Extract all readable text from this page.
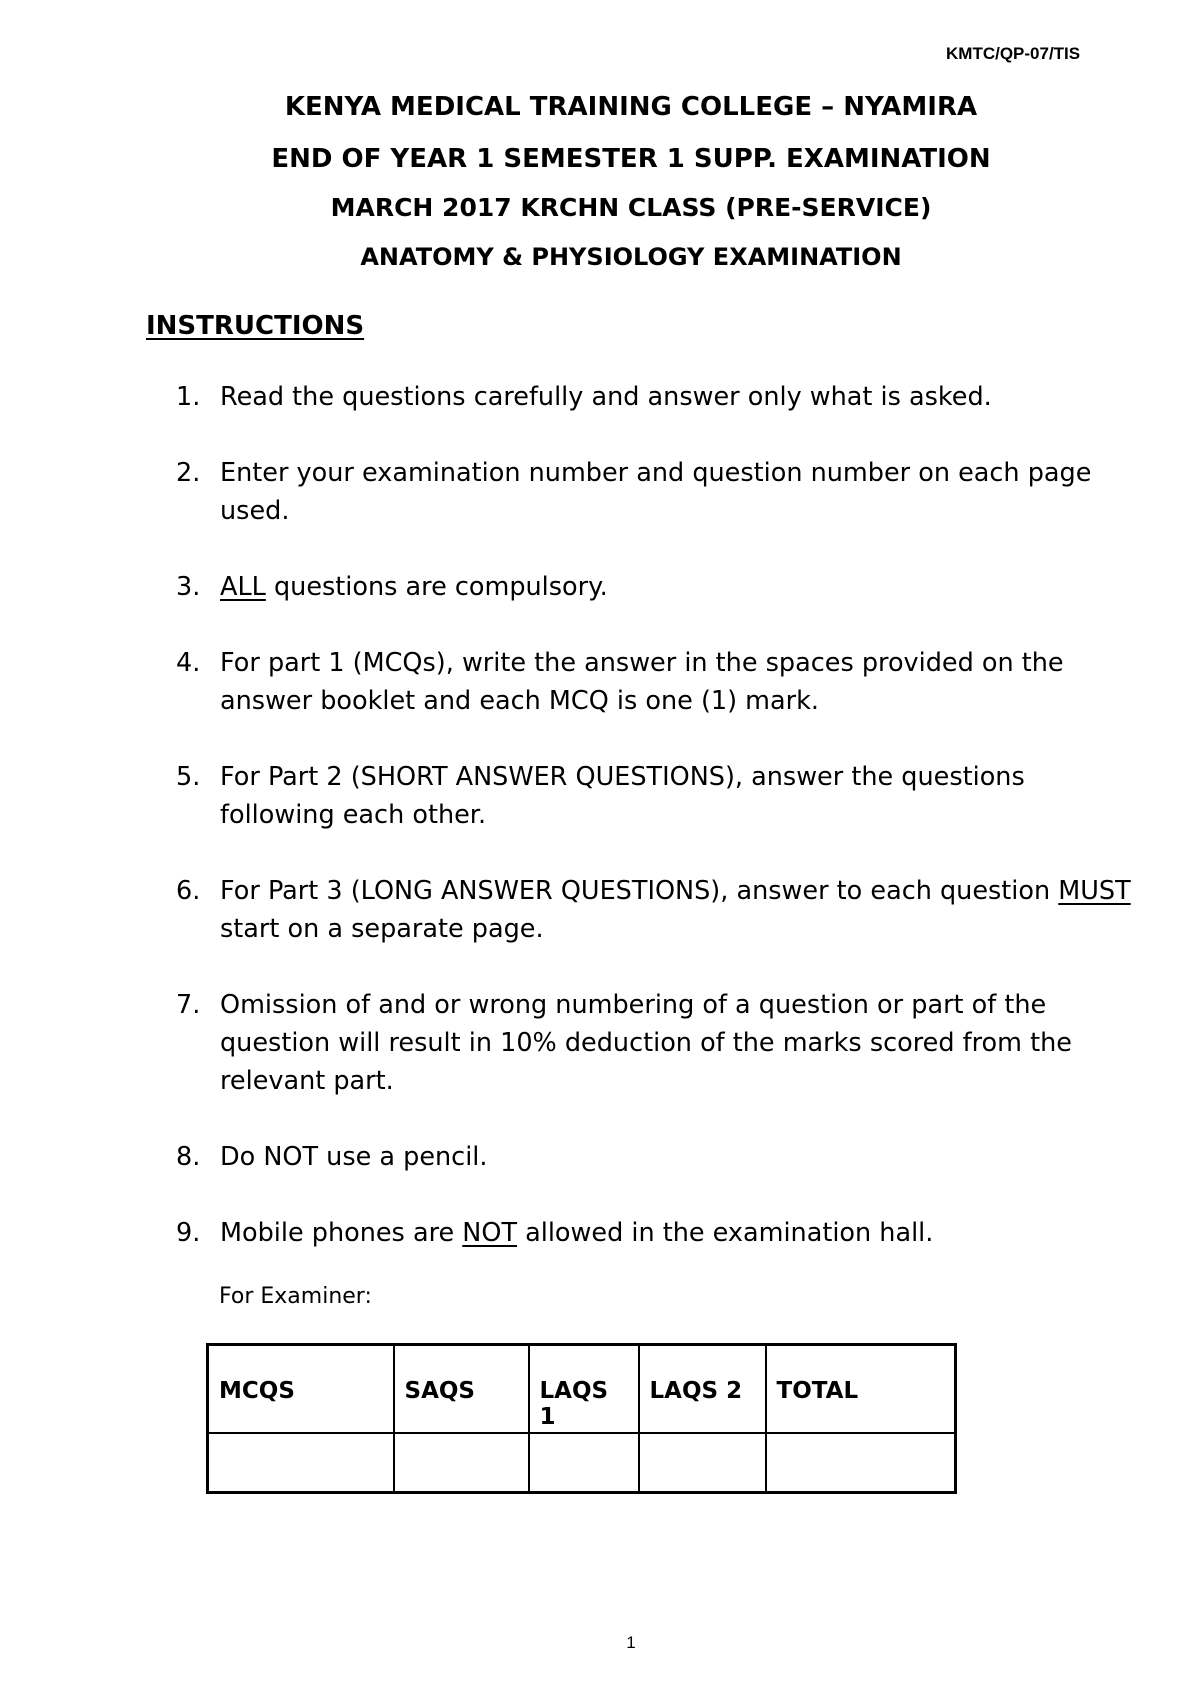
KMTC/QP-07/TIS
KENYA MEDICAL TRAINING COLLEGE – NYAMIRA
END OF YEAR 1 SEMESTER 1 SUPP. EXAMINATION
MARCH 2017 KRCHN CLASS (PRE-SERVICE)
ANATOMY & PHYSIOLOGY EXAMINATION
INSTRUCTIONS
1. Read the questions carefully and answer only what is asked.
2. Enter your examination number and question number on each page used.
3. ALL questions are compulsory.
4. For part 1 (MCQs), write the answer in the spaces provided on the answer booklet and each MCQ is one (1) mark.
5. For Part 2 (SHORT ANSWER QUESTIONS), answer the questions following each other.
6. For Part 3 (LONG ANSWER QUESTIONS), answer to each question MUST start on a separate page.
7. Omission of and or wrong numbering of a question or part of the question will result in 10% deduction of the marks scored from the relevant part.
8. Do NOT use a pencil.
9. Mobile phones are NOT allowed in the examination hall.
For Examiner:
MCQS	SAQS	LAQS 1	LAQS 2	TOTAL

1
